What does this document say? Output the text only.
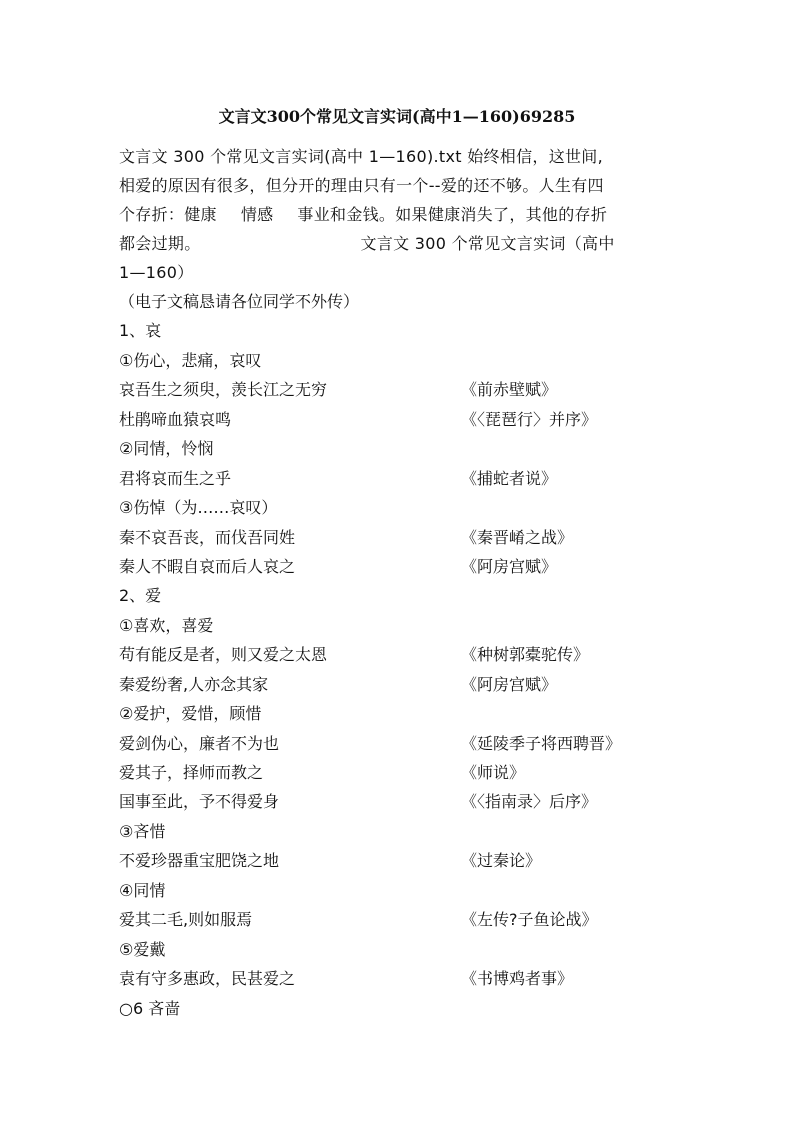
文言文300个常见文言实词(高中1—160)69285

文言文 300 个常见文言实词(高中 1—160).txt 始终相信，这世间,

相爱的原因有很多，但分开的理由只有一个--爱的还不够。人生有四

个存折：健康 情感 事业和金钱。如果健康消失了，其他的存折

都会过期。	文言文 300 个常见文言实词（高中

1—160）

（电子文稿恳请各位同学不外传）
1、哀
①伤心，悲痛，哀叹
哀吾生之须臾，羡长江之无穷	《前赤壁赋》
杜鹃啼血猿哀鸣	《〈琵琶行〉并序》
②同情，怜悯
君将哀而生之乎	《捕蛇者说》
③伤悼（为……哀叹）
秦不哀吾丧，而伐吾同姓	《秦晋崤之战》
秦人不暇自哀而后人哀之	《阿房宫赋》
2、爱
①喜欢，喜爱
苟有能反是者，则又爱之太恩	《种树郭橐驼传》
秦爱纷奢,人亦念其家	《阿房宫赋》
②爱护，爱惜，顾惜
爱剑伪心，廉者不为也	《延陵季子将西聘晋》
爱其子，择师而教之	《师说》
国事至此，予不得爱身	《〈指南录〉后序》
③吝惜
不爱珍器重宝肥饶之地	《过秦论》
④同情
爱其二毛,则如服焉	《左传?子鱼论战》
⑤爱戴
袁有守多惠政，民甚爱之	《书博鸡者事》
○6 吝啬
